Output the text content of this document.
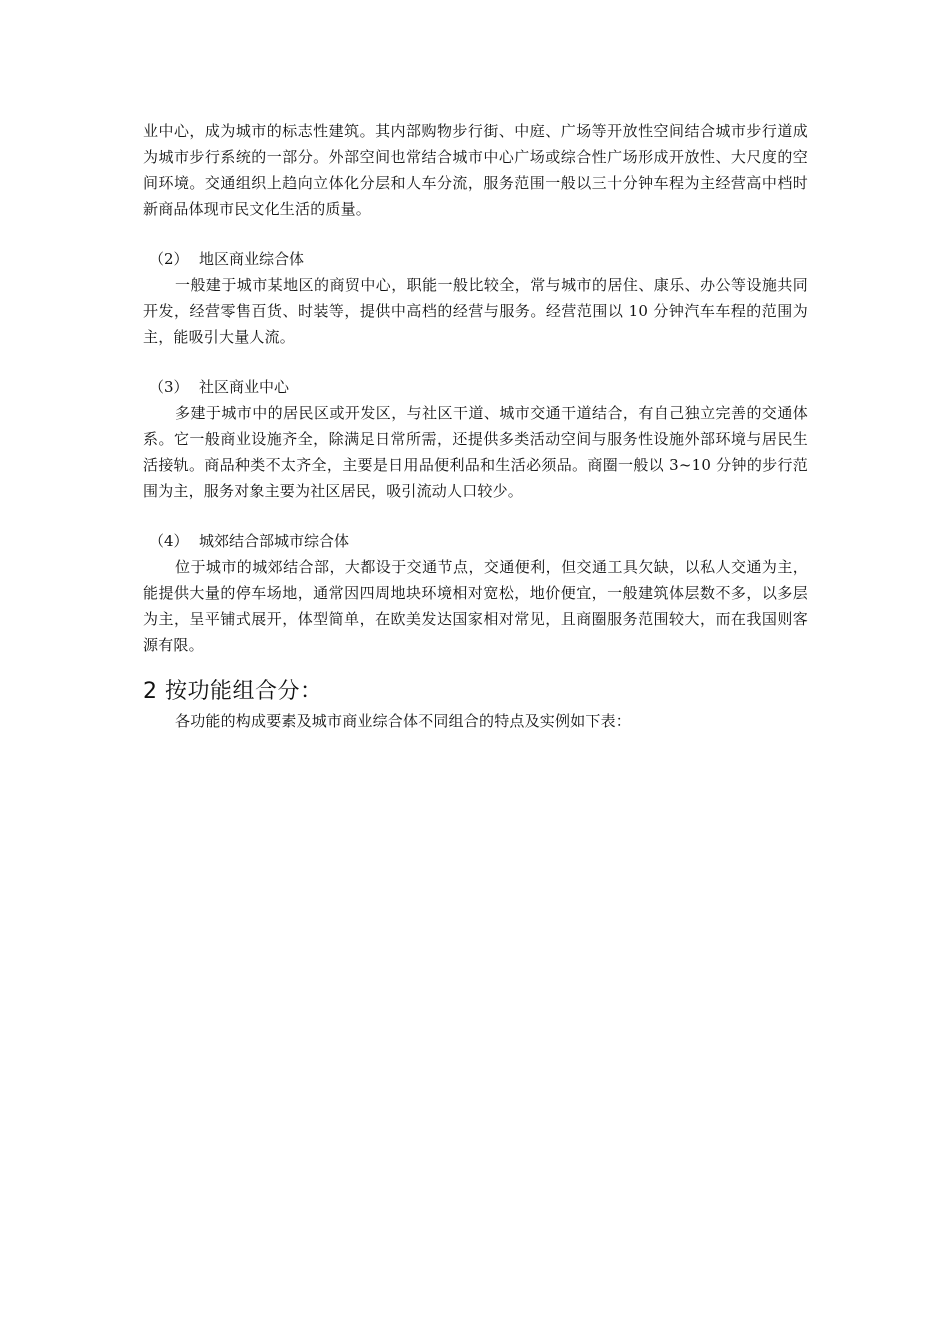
业中心，成为城市的标志性建筑。其内部购物步行街、中庭、广场等开放性空间结合城市步行道成为城市步行系统的一部分。外部空间也常结合城市中心广场或综合性广场形成开放性、大尺度的空间环境。交通组织上趋向立体化分层和人车分流，服务范围一般以三十分钟车程为主经营高中档时新商品体现市民文化生活的质量。

（2） 地区商业综合体

一般建于城市某地区的商贸中心，职能一般比较全，常与城市的居住、康乐、办公等设施共同开发，经营零售百货、时装等，提供中高档的经营与服务。经营范围以 10 分钟汽车车程的范围为主，能吸引大量人流。

（3） 社区商业中心

多建于城市中的居民区或开发区，与社区干道、城市交通干道结合，有自己独立完善的交通体系。它一般商业设施齐全，除满足日常所需，还提供多类活动空间与服务性设施外部环境与居民生活接轨。商品种类不太齐全，主要是日用品便利品和生活必须品。商圈一般以 3~10 分钟的步行范围为主，服务对象主要为社区居民，吸引流动人口较少。

（4） 城郊结合部城市综合体

位于城市的城郊结合部，大都设于交通节点，交通便利，但交通工具欠缺，以私人交通为主，能提供大量的停车场地，通常因四周地块环境相对宽松，地价便宜，一般建筑体层数不多，以多层为主，呈平铺式展开，体型简单，在欧美发达国家相对常见，且商圈服务范围较大，而在我国则客源有限。

2 按功能组合分：

各功能的构成要素及城市商业综合体不同组合的特点及实例如下表：
